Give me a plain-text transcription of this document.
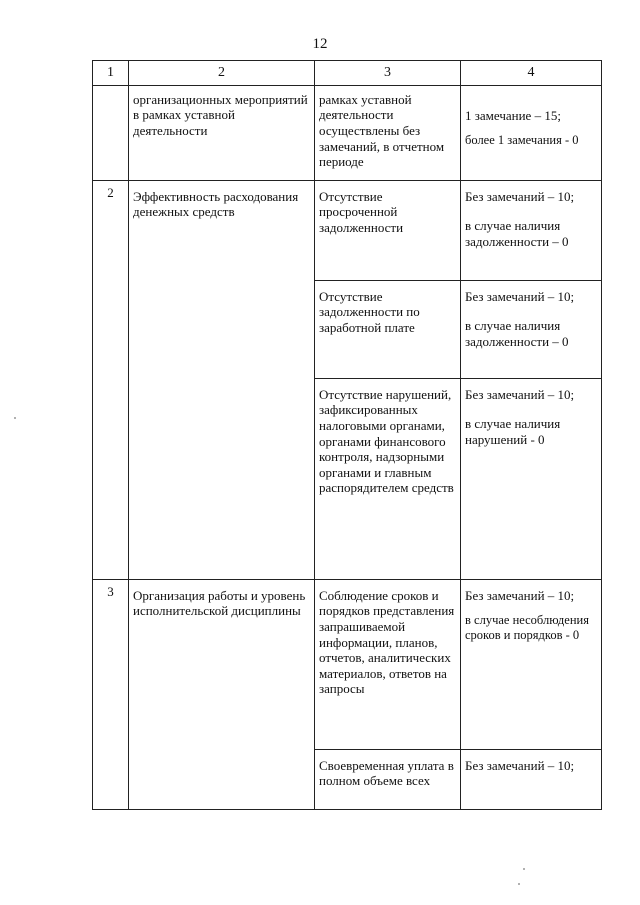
12
1	2	3	4
	организационных мероприятий в рамках уставной деятельности	рамках уставной деятельности осуществлены без замечаний, в отчетном периоде	1 замечание – 15;
более 1 замечания - 0

2	Эффективность расходования денежных средств	Отсутствие просроченной задолженности	Без замечаний – 10;
в случае наличия задолженности – 0

		Отсутствие задолженности по заработной плате	Без замечаний – 10;
в случае наличия задолженности – 0

		Отсутствие нарушений, зафиксированных налоговыми органами, органами финансового контроля, надзорными органами и главным распорядителем средств	Без замечаний – 10;
в случае наличия нарушений - 0

3	Организация работы и уровень исполнительской дисциплины	Соблюдение сроков и порядков представления запрашиваемой информации, планов, отчетов, аналитических материалов, ответов на запросы	Без замечаний – 10;
в случае несоблюдения сроков и порядков - 0

		Своевременная уплата в полном объеме всех	Без замечаний – 10;
